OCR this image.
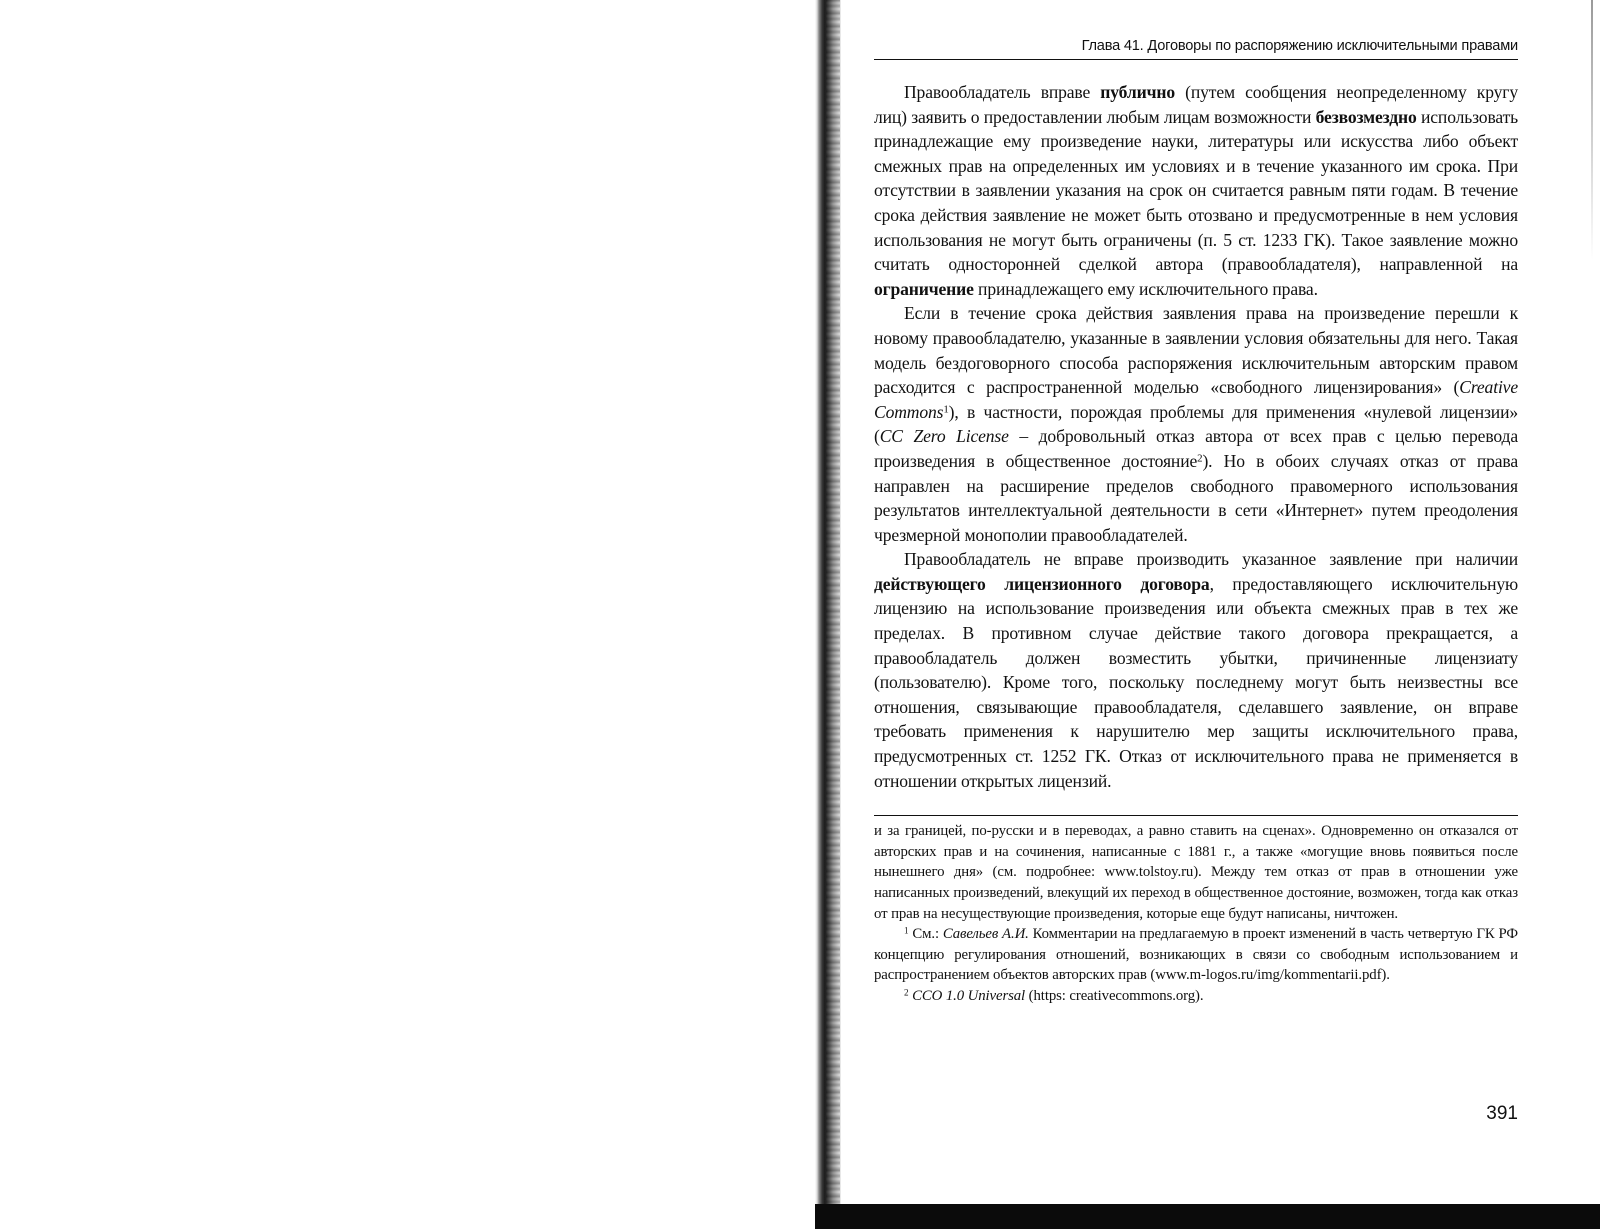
Глава 41. Договоры по распоряжению исключительными правами

Правообладатель вправе публично (путем сообщения неопределенному кругу лиц) заявить о предоставлении любым лицам возможности безвозмездно использовать принадлежащие ему произведение науки, литературы или искусства либо объект смежных прав на определенных им условиях и в течение указанного им срока. При отсутствии в заявлении указания на срок он считается равным пяти годам. В течение срока действия заявление не может быть отозвано и предусмотренные в нем условия использования не могут быть ограничены (п. 5 ст. 1233 ГК). Такое заявление можно считать односторонней сделкой автора (правообладателя), направленной на ограничение принадлежащего ему исключительного права.

Если в течение срока действия заявления права на произведение перешли к новому правообладателю, указанные в заявлении условия обязательны для него. Такая модель бездоговорного способа распоряжения исключительным авторским правом расходится с распространенной моделью «свободного лицензирования» (Creative Commons$^1$), в частности, порождая проблемы для применения «нулевой лицензии» (CC Zero License – добровольный отказ автора от всех прав с целью перевода произведения в общественное достояние$^2$). Но в обоих случаях отказ от права направлен на расширение пределов свободного правомерного использования результатов интеллектуальной деятельности в сети «Интернет» путем преодоления чрезмерной монополии правообладателей.

Правообладатель не вправе производить указанное заявление при наличии действующего лицензионного договора, предоставляющего исключительную лицензию на использование произведения или объекта смежных прав в тех же пределах. В противном случае действие такого договора прекращается, а правообладатель должен возместить убытки, причиненные лицензиату (пользователю). Кроме того, поскольку последнему могут быть неизвестны все отношения, связывающие правообладателя, сделавшего заявление, он вправе требовать применения к нарушителю мер защиты исключительного права, предусмотренных ст. 1252 ГК. Отказ от исключительного права не применяется в отношении открытых лицензий.

и за границей, по-русски и в переводах, а равно ставить на сценах». Одновременно он отказался от авторских прав и на сочинения, написанные с 1881 г., а также «могущие вновь появиться после нынешнего дня» (см. подробнее: www.tolstoy.ru). Между тем отказ от прав в отношении уже написанных произведений, влекущий их переход в общественное достояние, возможен, тогда как отказ от прав на несуществующие произведения, которые еще будут написаны, ничтожен.

$^1$ См.: Савельев А.И. Комментарии на предлагаемую в проект изменений в часть четвертую ГК РФ концепцию регулирования отношений, возникающих в связи со свободным использованием и распространением объектов авторских прав (www.m-logos.ru/img/kommentarii.pdf).

$^2$ CCO 1.0 Universal (https: creativecommons.org).

391
